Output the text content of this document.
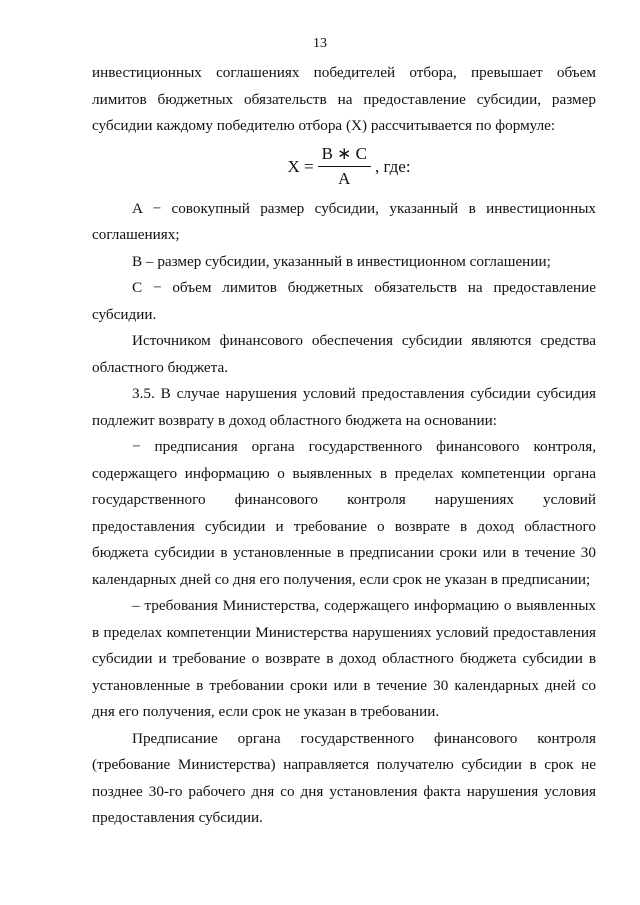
13

инвестиционных соглашениях победителей отбора, превышает объем лимитов бюджетных обязательств на предоставление субсидии, размер субсидии каждому победителю отбора (X) рассчитывается по формуле:

$X = \frac{B ∗ C}{A}$ , где:

A − совокупный размер субсидии, указанный в инвестиционных соглашениях;

B – размер субсидии, указанный в инвестиционном соглашении;

C − объем лимитов бюджетных обязательств на предоставление субсидии.

Источником финансового обеспечения субсидии являются средства областного бюджета.

3.5. В случае нарушения условий предоставления субсидии субсидия подлежит возврату в доход областного бюджета на основании:

− предписания органа государственного финансового контроля, содержащего информацию о выявленных в пределах компетенции органа государственного финансового контроля нарушениях условий предоставления субсидии и требование о возврате в доход областного бюджета субсидии в установленные в предписании сроки или в течение 30 календарных дней со дня его получения, если срок не указан в предписании;

– требования Министерства, содержащего информацию о выявленных в пределах компетенции Министерства нарушениях условий предоставления субсидии и требование о возврате в доход областного бюджета субсидии в установленные в требовании сроки или в течение 30 календарных дней со дня его получения, если срок не указан в требовании.

Предписание органа государственного финансового контроля (требование Министерства) направляется получателю субсидии в срок не позднее 30-го рабочего дня со дня установления факта нарушения условия предоставления субсидии.
